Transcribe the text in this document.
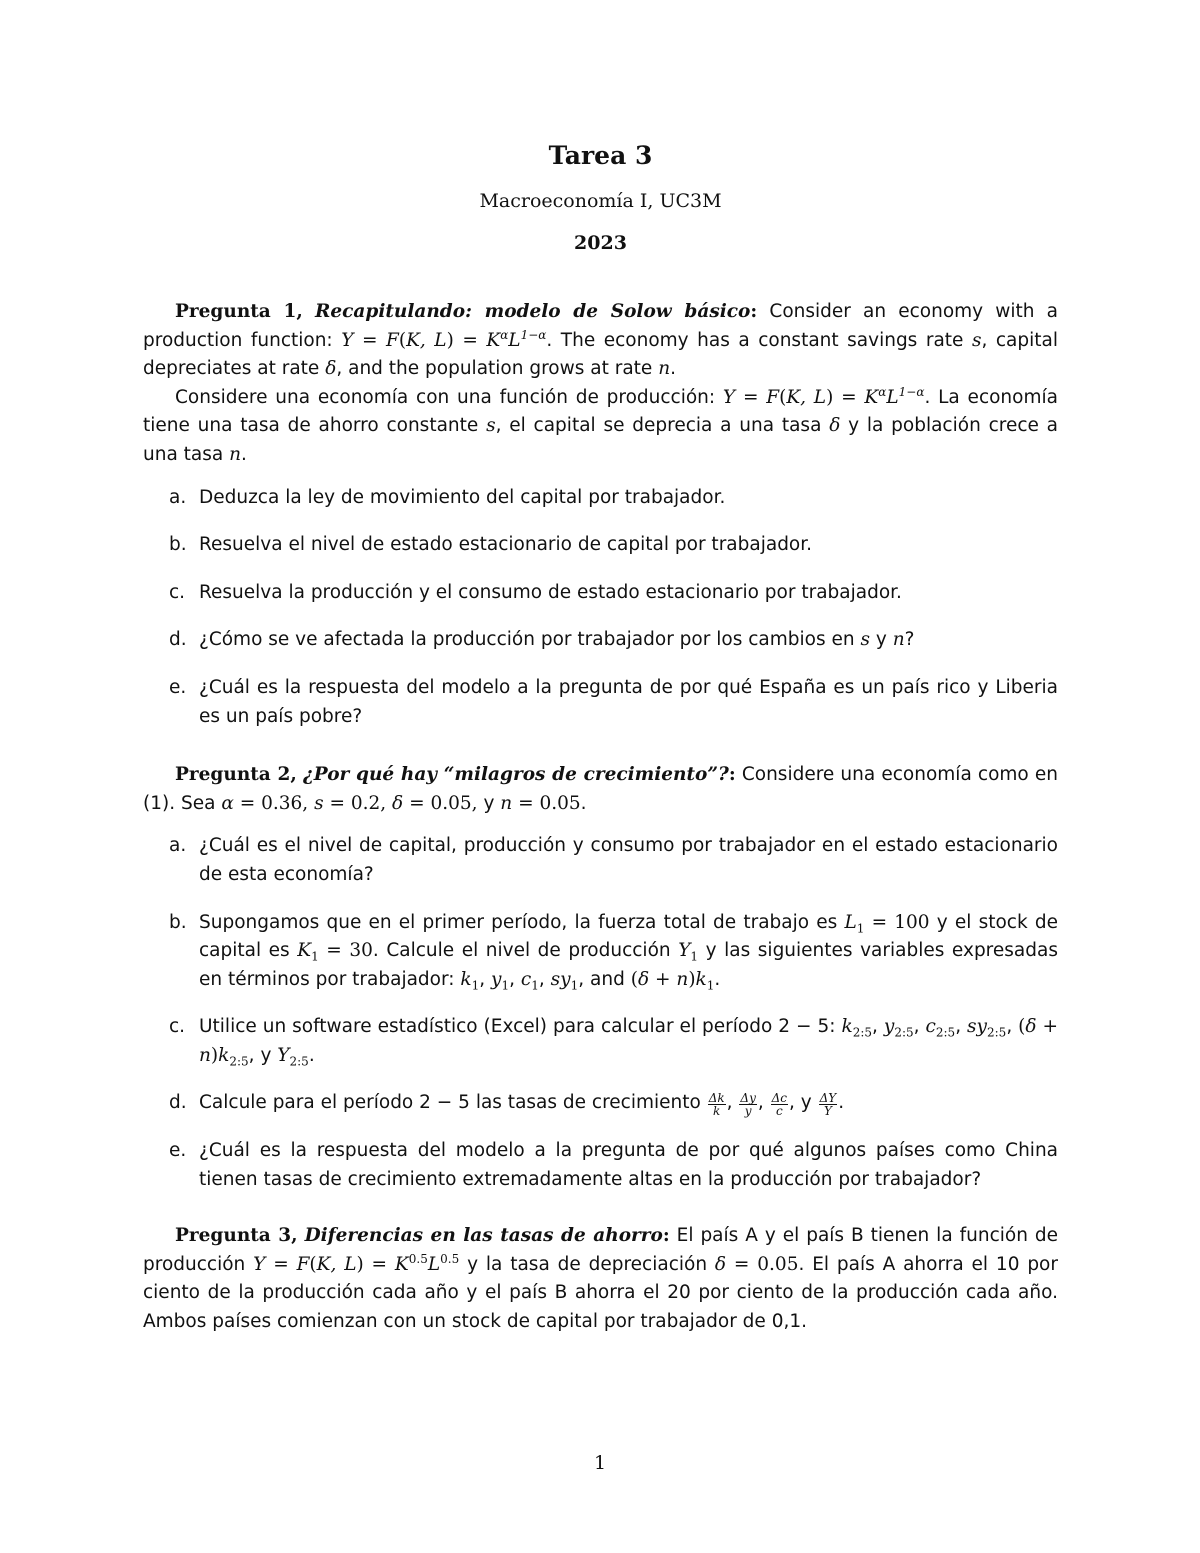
Tarea 3
Macroeconomía I, UC3M
2023

Pregunta 1, Recapitulando: modelo de Solow básico: Consider an economy with a production function: Y = F(K, $L) = K^\alpha L^{1-\alpha}$. The economy has a constant savings rate s, capital depreciates at rate δ, and the population grows at rate n.

Considere una economía con una función de producción: Y = F(K, $L) = K^\alpha L^{1-\alpha}$. La economía tiene una tasa de ahorro constante s, el capital se deprecia a una tasa δ y la población crece a una tasa n.

a. Deduzca la ley de movimiento del capital por trabajador.
b. Resuelva el nivel de estado estacionario de capital por trabajador.
c. Resuelva la producción y el consumo de estado estacionario por trabajador.
d. ¿Cómo se ve afectada la producción por trabajador por los cambios en s y n?
e. ¿Cuál es la respuesta del modelo a la pregunta de por qué España es un país rico y Liberia es un país pobre?

Pregunta 2, ¿Por qué hay “milagros de crecimiento”?: Considere una economía como en (1). Sea α = 0.36, s = 0.2, δ = 0.05, y n = 0.05.

a. ¿Cuál es el nivel de capital, producción y consumo por trabajador en el estado estacionario de esta economía?
b. Supongamos que en el primer período, la fuerza total de trabajo es $L_1 = 100$ y el stock de capital es $K_1 = 30$. Calcule el nivel de producción $Y_1$ y las siguientes variables expresadas en términos por trabajador: $k_1$, $y_1$, $c_1$, $sy_1$, and $(\delta + n)k_1$.
c. Utilice un software estadístico (Excel) para calcular el período 2 − 5: $k_{2:5}$, $y_{2:5}$, $c_{2:5}$, $sy_{2:5}$, $(\delta + n)k_{2:5}$, y $Y_{2:5}$.
d. Calcule para el período 2 − 5 las tasas de crecimiento $\frac{\Delta k}{k}$ , $\frac{\Delta y}{y}$ , $\frac{\Delta c}{c}$ , y $\frac{\Delta Y}{Y}$ .
e. ¿Cuál es la respuesta del modelo a la pregunta de por qué algunos países como China tienen tasas de crecimiento extremadamente altas en la producción por trabajador?

Pregunta 3, Diferencias en las tasas de ahorro: El país A y el país B tienen la función de producción Y = F(K, $L) = K^{0.5}L^{0.5}$ y la tasa de depreciación δ = 0.05. El país A ahorra el 10 por ciento de la producción cada año y el país B ahorra el 20 por ciento de la producción cada año. Ambos países comienzan con un stock de capital por trabajador de 0,1.

1
